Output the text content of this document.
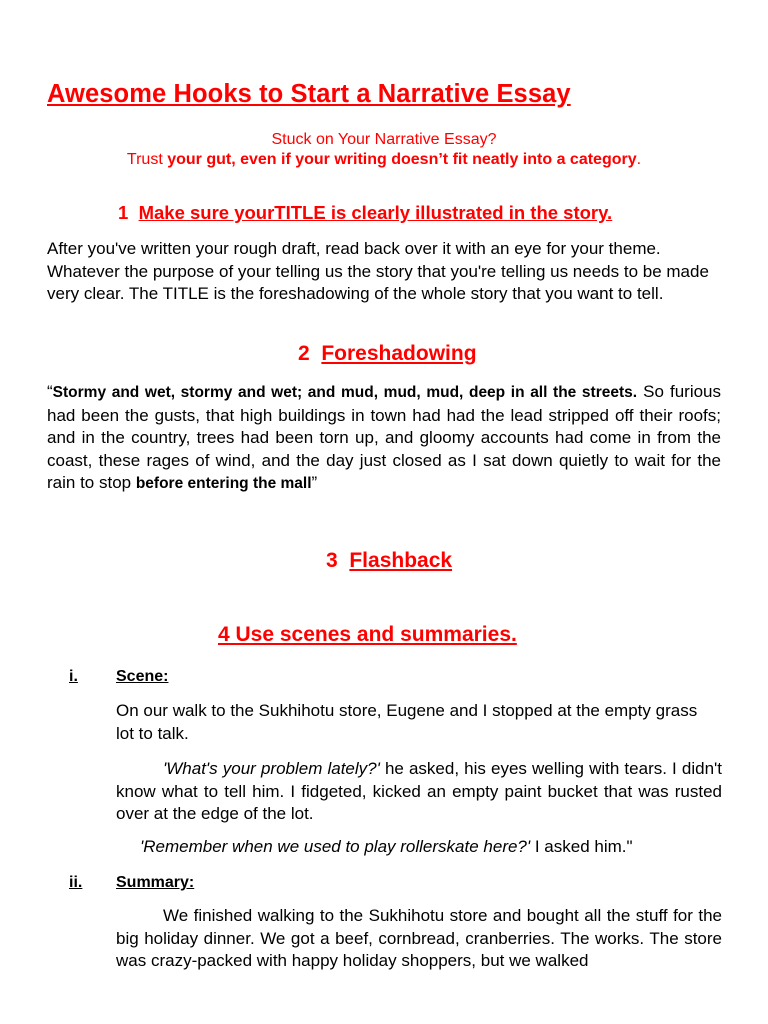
Awesome Hooks to Start a Narrative Essay
Stuck on Your Narrative Essay?
Trust your gut, even if your writing doesn’t fit neatly into a category.
1 Make sure yourTITLE is clearly illustrated in the story.
After you've written your rough draft, read back over it with an eye for your theme. Whatever the purpose of your telling us the story that you're telling us needs to be made very clear. The TITLE is the foreshadowing of the whole story that you want to tell.
2 Foreshadowing
“Stormy and wet, stormy and wet; and mud, mud, mud, deep in all the streets. So furious had been the gusts, that high buildings in town had had the lead stripped off their roofs; and in the country, trees had been torn up, and gloomy accounts had come in from the coast, these rages of wind, and the day just closed as I sat down quietly to wait for the rain to stop before entering the mall”
3 Flashback
4 Use scenes and summaries.
i. Scene:
On our walk to the Sukhihotu store, Eugene and I stopped at the empty grass lot to talk.
'What's your problem lately?' he asked, his eyes welling with tears. I didn't know what to tell him. I fidgeted, kicked an empty paint bucket that was rusted over at the edge of the lot.
'Remember when we used to play rollerskate here?' I asked him."
ii. Summary:
We finished walking to the Sukhihotu store and bought all the stuff for the big holiday dinner. We got a beef, cornbread, cranberries. The works. The store was crazy-packed with happy holiday shoppers, but we walked
